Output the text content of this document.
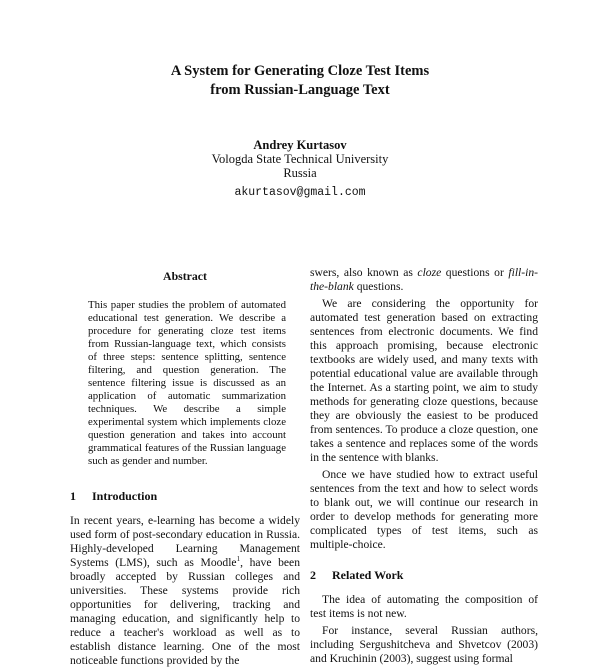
A System for Generating Cloze Test Items
from Russian-Language Text
Andrey Kurtasov
Vologda State Technical University
Russia
akurtasov@gmail.com
Abstract

This paper studies the problem of automated educational test generation. We describe a procedure for generating cloze test items from Russian-language text, which consists of three steps: sentence splitting, sentence filtering, and question generation. The sentence filtering issue is discussed as an application of automatic summarization techniques. We describe a simple experimental system which implements cloze question generation and takes into account grammatical features of the Russian language such as gender and number.

1 Introduction

In recent years, e-learning has become a widely used form of post-secondary education in Russia. Highly-developed Learning Management Systems (LMS), such as Moodle$^1$, have been broadly accepted by Russian colleges and universities. These systems provide rich opportunities for delivering, tracking and managing education, and significantly help to reduce a teacher's workload as well as to establish distance learning. One of the most noticeable functions provided by the

swers, also known as cloze questions or fill-in-the-blank questions.

We are considering the opportunity for automated test generation based on extracting sentences from electronic documents. We find this approach promising, because electronic textbooks are widely used, and many texts with potential educational value are available through the Internet. As a starting point, we aim to study methods for generating cloze questions, because they are obviously the easiest to be produced from sentences. To produce a cloze question, one takes a sentence and replaces some of the words in the sentence with blanks.

Once we have studied how to extract useful sentences from the text and how to select words to blank out, we will continue our research in order to develop methods for generating more complicated types of test items, such as multiple-choice.

2 Related Work

The idea of automating the composition of test items is not new.

For instance, several Russian authors, including Sergushitcheva and Shvetcov (2003) and Kruchinin (2003), suggest using formal
